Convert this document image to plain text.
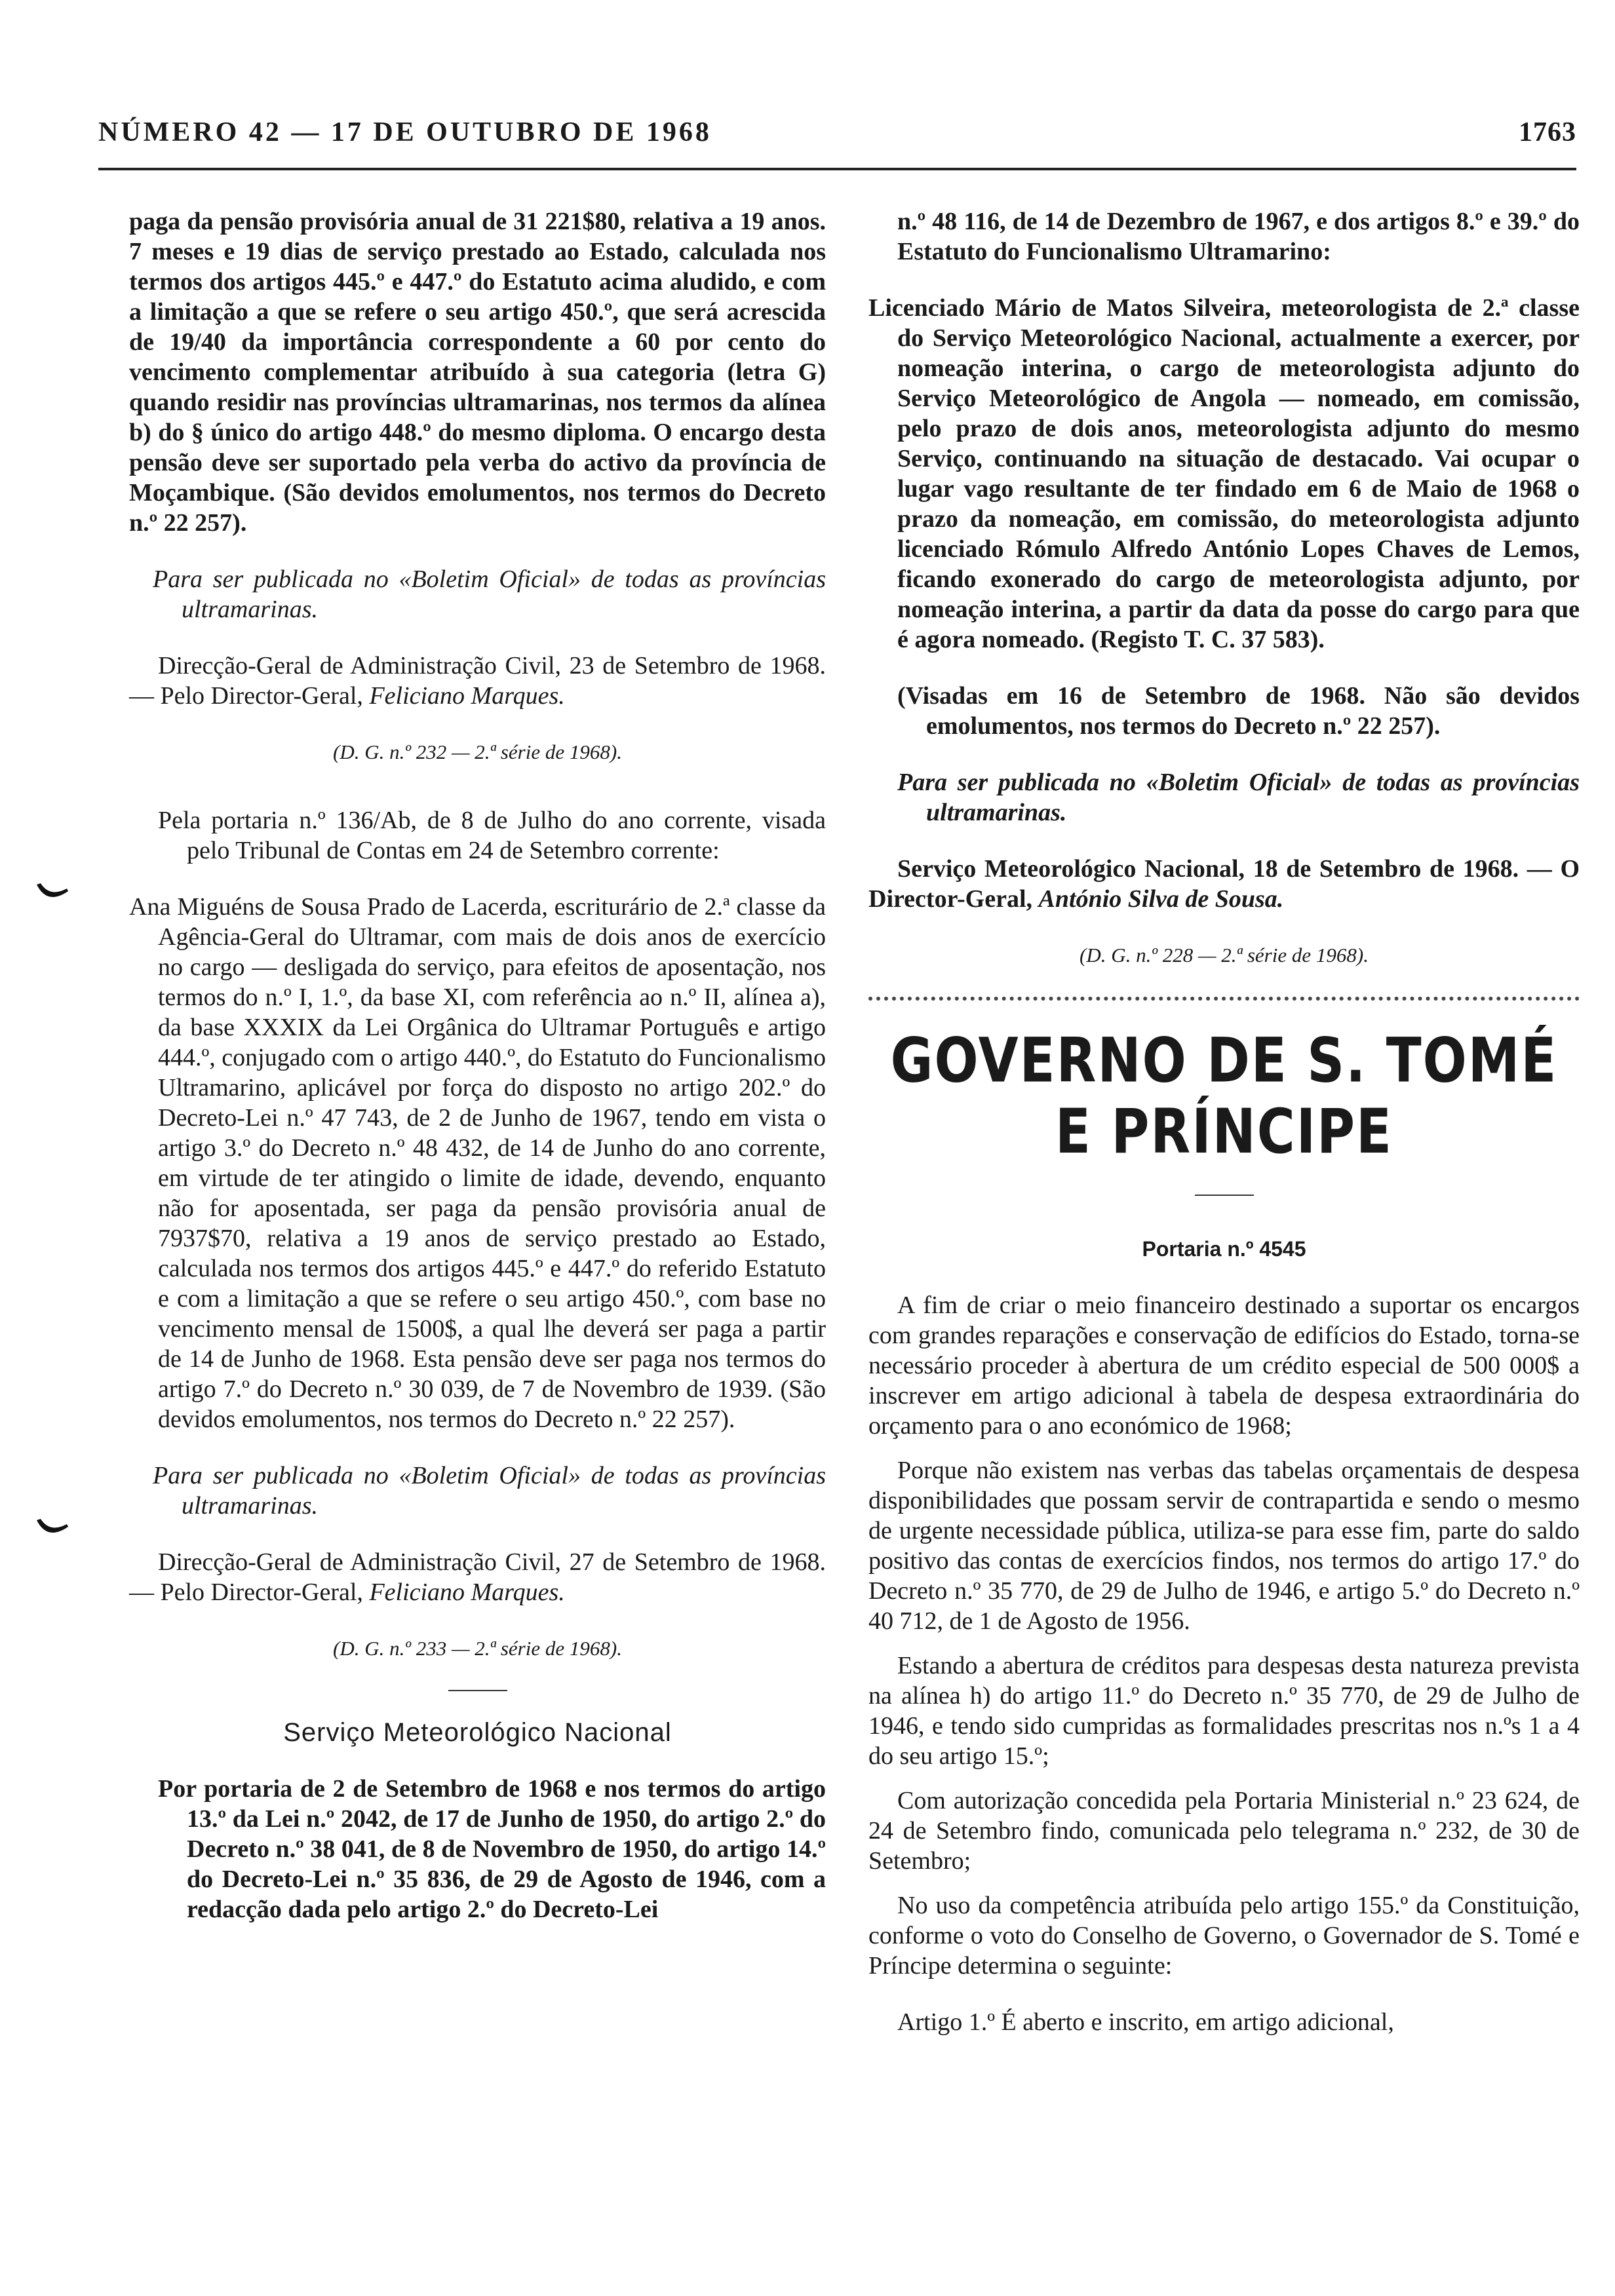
NÚMERO 42 — 17 DE OUTUBRO DE 1968	1763

paga da pensão provisória anual de 31 221$80, relativa a 19 anos. 7 meses e 19 dias de serviço prestado ao Estado, calculada nos termos dos artigos 445.º e 447.º do Estatuto acima aludido, e com a limitação a que se refere o seu artigo 450.º, que será acrescida de 19/40 da importância correspondente a 60 por cento do vencimento complementar atribuído à sua categoria (letra G) quando residir nas províncias ultramarinas, nos termos da alínea b) do § único do artigo 448.º do mesmo diploma. O encargo desta pensão deve ser suportado pela verba do activo da província de Moçambique. (São devidos emolumentos, nos termos do Decreto n.º 22 257).

Para ser publicada no «Boletim Oficial» de todas as províncias ultramarinas.

Direcção-Geral de Administração Civil, 23 de Setembro de 1968. — Pelo Director-Geral, Feliciano Marques.

(D. G. n.º 232 — 2.ª série de 1968).

Pela portaria n.º 136/Ab, de 8 de Julho do ano corrente, visada pelo Tribunal de Contas em 24 de Setembro corrente:

Ana Miguéns de Sousa Prado de Lacerda, escriturário de 2.ª classe da Agência-Geral do Ultramar, com mais de dois anos de exercício no cargo — desligada do serviço, para efeitos de aposentação, nos termos do n.º I, 1.º, da base XI, com referência ao n.º II, alínea a), da base XXXIX da Lei Orgânica do Ultramar Português e artigo 444.º, conjugado com o artigo 440.º, do Estatuto do Funcionalismo Ultramarino, aplicável por força do disposto no artigo 202.º do Decreto-Lei n.º 47 743, de 2 de Junho de 1967, tendo em vista o artigo 3.º do Decreto n.º 48 432, de 14 de Junho do ano corrente, em virtude de ter atingido o limite de idade, devendo, enquanto não for aposentada, ser paga da pensão provisória anual de 7937$70, relativa a 19 anos de serviço prestado ao Estado, calculada nos termos dos artigos 445.º e 447.º do referido Estatuto e com a limitação a que se refere o seu artigo 450.º, com base no vencimento mensal de 1500$, a qual lhe deverá ser paga a partir de 14 de Junho de 1968. Esta pensão deve ser paga nos termos do artigo 7.º do Decreto n.º 30 039, de 7 de Novembro de 1939. (São devidos emolumentos, nos termos do Decreto n.º 22 257).

Para ser publicada no «Boletim Oficial» de todas as províncias ultramarinas.

Direcção-Geral de Administração Civil, 27 de Setembro de 1968. — Pelo Director-Geral, Feliciano Marques.

(D. G. n.º 233 — 2.ª série de 1968).

Serviço Meteorológico Nacional

Por portaria de 2 de Setembro de 1968 e nos termos do artigo 13.º da Lei n.º 2042, de 17 de Junho de 1950, do artigo 2.º do Decreto n.º 38 041, de 8 de Novembro de 1950, do artigo 14.º do Decreto-Lei n.º 35 836, de 29 de Agosto de 1946, com a redacção dada pelo artigo 2.º do Decreto-Lei

n.º 48 116, de 14 de Dezembro de 1967, e dos artigos 8.º e 39.º do Estatuto do Funcionalismo Ultramarino:

Licenciado Mário de Matos Silveira, meteorologista de 2.ª classe do Serviço Meteorológico Nacional, actualmente a exercer, por nomeação interina, o cargo de meteorologista adjunto do Serviço Meteorológico de Angola — nomeado, em comissão, pelo prazo de dois anos, meteorologista adjunto do mesmo Serviço, continuando na situação de destacado. Vai ocupar o lugar vago resultante de ter findado em 6 de Maio de 1968 o prazo da nomeação, em comissão, do meteorologista adjunto licenciado Rómulo Alfredo António Lopes Chaves de Lemos, ficando exonerado do cargo de meteorologista adjunto, por nomeação interina, a partir da data da posse do cargo para que é agora nomeado. (Registo T. C. 37 583).

(Visadas em 16 de Setembro de 1968. Não são devidos emolumentos, nos termos do Decreto n.º 22 257).

Para ser publicada no «Boletim Oficial» de todas as províncias ultramarinas.

Serviço Meteorológico Nacional, 18 de Setembro de 1968. — O Director-Geral, António Silva de Sousa.

(D. G. n.º 228 — 2.ª série de 1968).

GOVERNO DE S. TOMÉ E PRÍNCIPE

Portaria n.º 4545

A fim de criar o meio financeiro destinado a suportar os encargos com grandes reparações e conservação de edifícios do Estado, torna-se necessário proceder à abertura de um crédito especial de 500 000$ a inscrever em artigo adicional à tabela de despesa extraordinária do orçamento para o ano económico de 1968;

Porque não existem nas verbas das tabelas orçamentais de despesa disponibilidades que possam servir de contrapartida e sendo o mesmo de urgente necessidade pública, utiliza-se para esse fim, parte do saldo positivo das contas de exercícios findos, nos termos do artigo 17.º do Decreto n.º 35 770, de 29 de Julho de 1946, e artigo 5.º do Decreto n.º 40 712, de 1 de Agosto de 1956.

Estando a abertura de créditos para despesas desta natureza prevista na alínea h) do artigo 11.º do Decreto n.º 35 770, de 29 de Julho de 1946, e tendo sido cumpridas as formalidades prescritas nos n.ºs 1 a 4 do seu artigo 15.º;

Com autorização concedida pela Portaria Ministerial n.º 23 624, de 24 de Setembro findo, comunicada pelo telegrama n.º 232, de 30 de Setembro;

No uso da competência atribuída pelo artigo 155.º da Constituição, conforme o voto do Conselho de Governo, o Governador de S. Tomé e Príncipe determina o seguinte:

Artigo 1.º É aberto e inscrito, em artigo adicional,
